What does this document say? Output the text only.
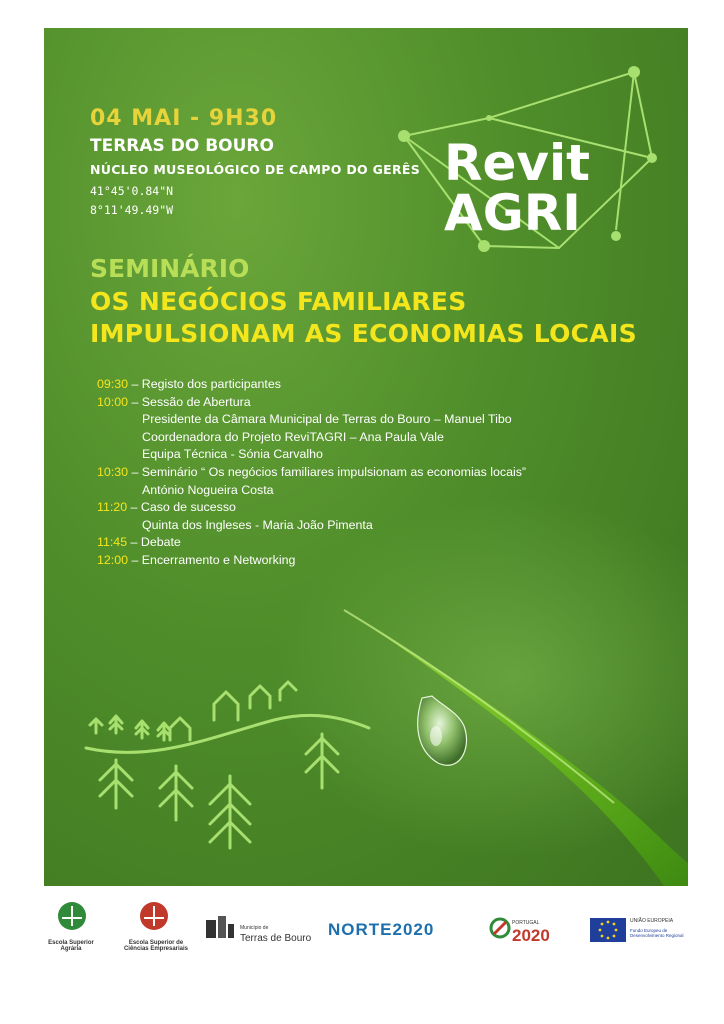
04 MAI - 9H30

TERRAS DO BOURO

NÚCLEO MUSEOLÓGICO DE CAMPO DO GERÊS

41°45'0.84"N

8°11'49.49"W

Revit
AGRI

SEMINÁRIO

OS NEGÓCIOS FAMILIARES

IMPULSIONAM AS ECONOMIAS LOCAIS

09:30 – Registo dos participantes
10:00 – Sessão de Abertura
Presidente da Câmara Municipal de Terras do Bouro – Manuel Tibo
Coordenadora do Projeto ReviTAGRI – Ana Paula Vale
Equipa Técnica - Sónia Carvalho
10:30 – Seminário “ Os negócios familiares impulsionam as economias locais”
António Nogueira Costa
11:20 – Caso de sucesso
Quinta dos Ingleses - Maria João Pimenta
11:45 – Debate
12:00 – Encerramento e Networking
Escola Superior Agrária
Escola Superior de Ciências Empresariais
Município de
Terras de Bouro NORTE2020	PORTUGAL
2020
UNIÃO EUROPEIA
Fundo Europeu de Desenvolvimento Regional
